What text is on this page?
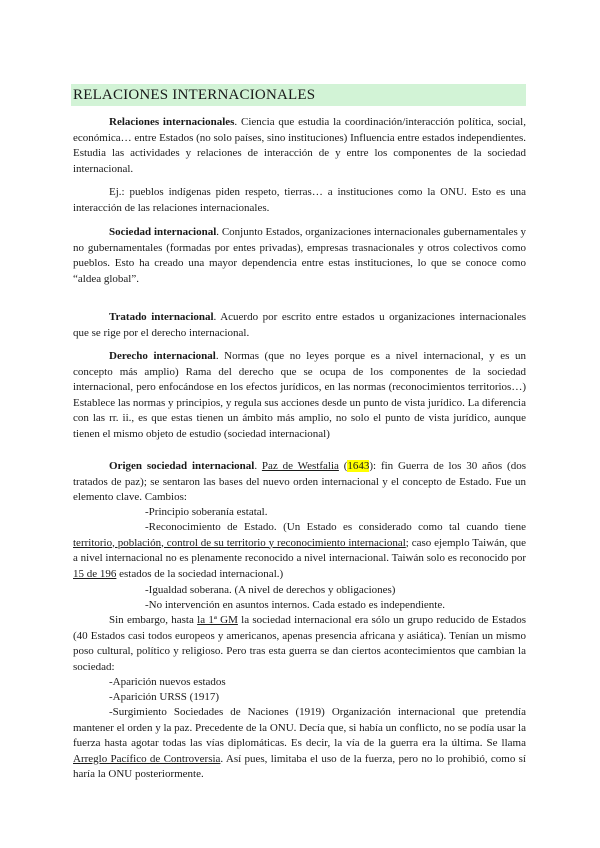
RELACIONES INTERNACIONALES

Relaciones internacionales. Ciencia que estudia la coordinación/interacción política, social, económica… entre Estados (no solo países, sino instituciones) Influencia entre estados independientes. Estudia las actividades y relaciones de interacción de y entre los componentes de la sociedad internacional.

Ej.: pueblos indígenas piden respeto, tierras… a instituciones como la ONU. Esto es una interacción de las relaciones internacionales.

Sociedad internacional. Conjunto Estados, organizaciones internacionales gubernamentales y no gubernamentales (formadas por entes privadas), empresas trasnacionales y otros colectivos como pueblos. Esto ha creado una mayor dependencia entre estas instituciones, lo que se conoce como “aldea global”.

Tratado internacional. Acuerdo por escrito entre estados u organizaciones internacionales que se rige por el derecho internacional.

Derecho internacional. Normas (que no leyes porque es a nivel internacional, y es un concepto más amplio) Rama del derecho que se ocupa de los componentes de la sociedad internacional, pero enfocándose en los efectos jurídicos, en las normas (reconocimientos territorios…) Establece las normas y principios, y regula sus acciones desde un punto de vista jurídico. La diferencia con las rr. ii., es que estas tienen un ámbito más amplio, no solo el punto de vista jurídico, aunque tienen el mismo objeto de estudio (sociedad internacional)

Origen sociedad internacional. Paz de Westfalia (1643): fin Guerra de los 30 años (dos tratados de paz); se sentaron las bases del nuevo orden internacional y el concepto de Estado. Fue un elemento clave. Cambios:

-Principio soberanía estatal.

-Reconocimiento de Estado. (Un Estado es considerado como tal cuando tiene territorio, población, control de su territorio y reconocimiento internacional; caso ejemplo Taiwán, que a nivel internacional no es plenamente reconocido a nivel internacional. Taiwán solo es reconocido por 15 de 196 estados de la sociedad internacional.)

-Igualdad soberana. (A nivel de derechos y obligaciones)

-No intervención en asuntos internos. Cada estado es independiente.

Sin embargo, hasta la 1ª GM la sociedad internacional era sólo un grupo reducido de Estados (40 Estados casi todos europeos y americanos, apenas presencia africana y asiática). Tenían un mismo poso cultural, político y religioso. Pero tras esta guerra se dan ciertos acontecimientos que cambian la sociedad:

-Aparición nuevos estados

-Aparición URSS (1917)

-Surgimiento Sociedades de Naciones (1919) Organización internacional que pretendía mantener el orden y la paz. Precedente de la ONU. Decía que, si había un conflicto, no se podía usar la fuerza hasta agotar todas las vías diplomáticas. Es decir, la vía de la guerra era la última. Se llama Arreglo Pacífico de Controversia. Así pues, limitaba el uso de la fuerza, pero no lo prohibió, como sí haría la ONU posteriormente.
